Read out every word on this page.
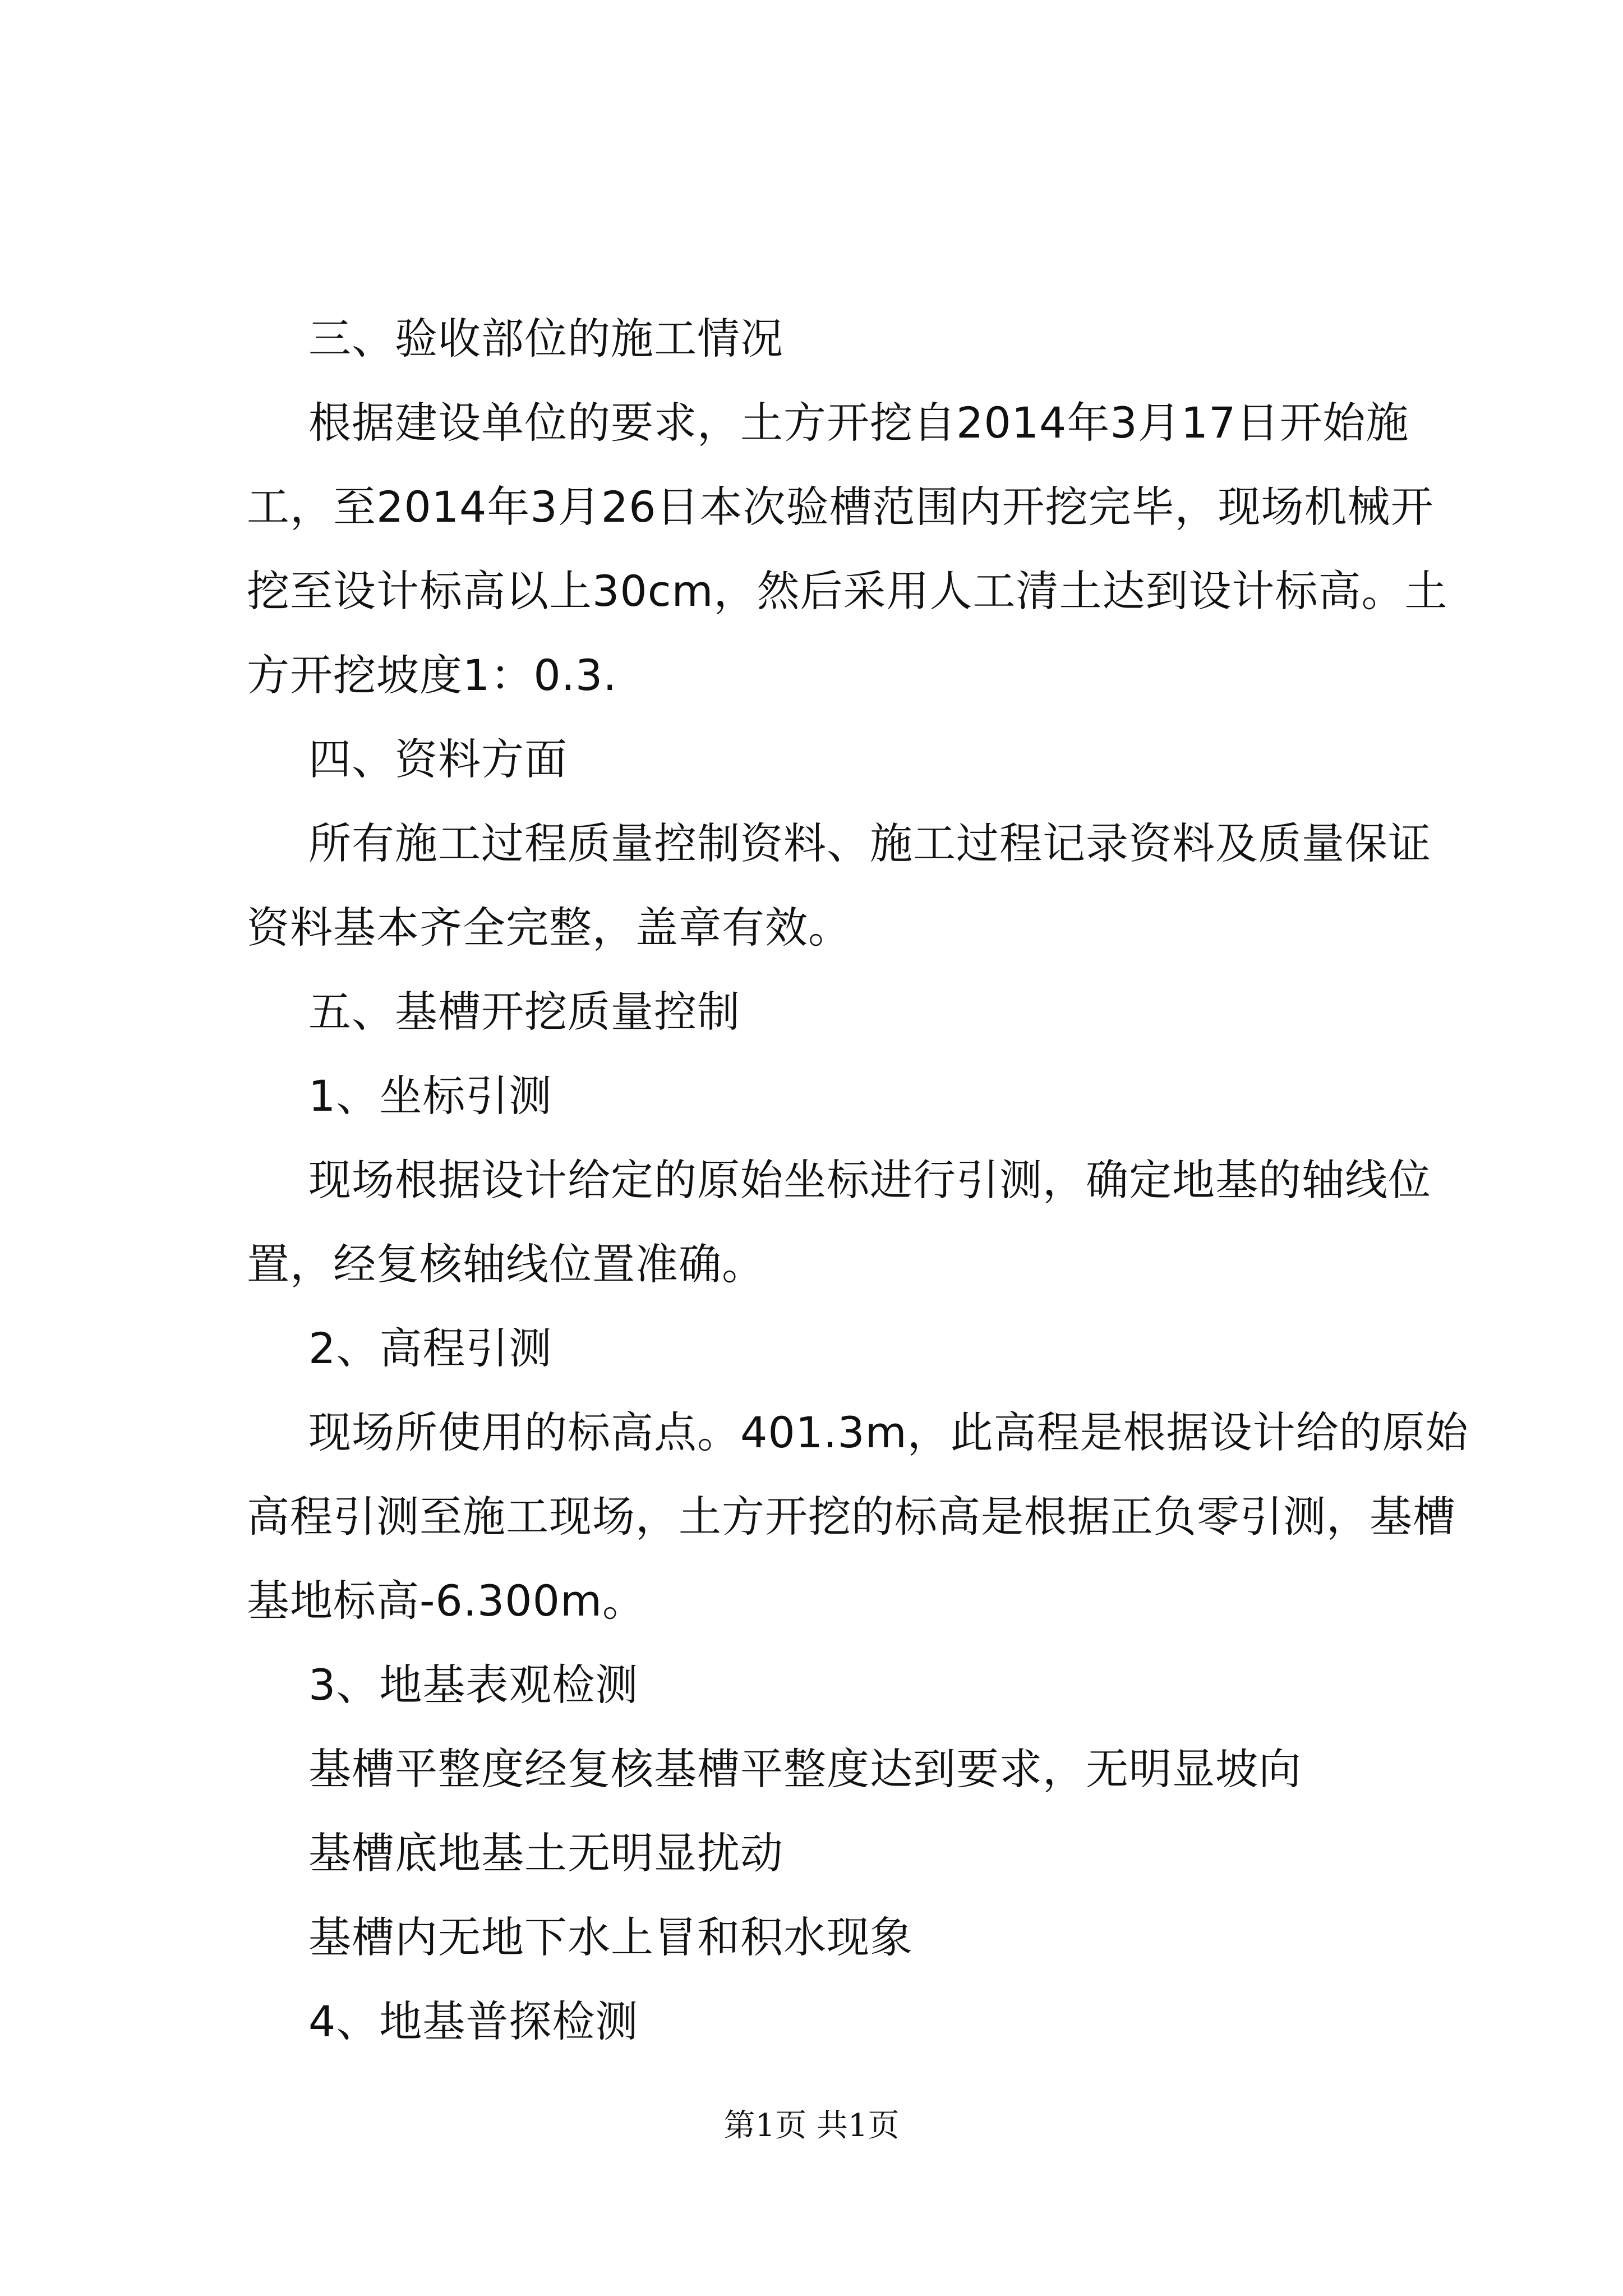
三、验收部位的施工情况
根据建设单位的要求，土方开挖自2014年3月17日开始施
工，至2014年3月26日本次验槽范围内开挖完毕，现场机械开
挖至设计标高以上30cm，然后采用人工清土达到设计标高。土
方开挖坡度1：0.3.
四、资料方面
所有施工过程质量控制资料、施工过程记录资料及质量保证
资料基本齐全完整，盖章有效。
五、基槽开挖质量控制
1、坐标引测
现场根据设计给定的原始坐标进行引测，确定地基的轴线位
置，经复核轴线位置准确。
2、高程引测
现场所使用的标高点。401.3m，此高程是根据设计给的原始
高程引测至施工现场，土方开挖的标高是根据正负零引测，基槽
基地标高-6.300m。
3、地基表观检测
基槽平整度经复核基槽平整度达到要求，无明显坡向
基槽底地基土无明显扰动
基槽内无地下水上冒和积水现象
4、地基普探检测
第1页 共1页
